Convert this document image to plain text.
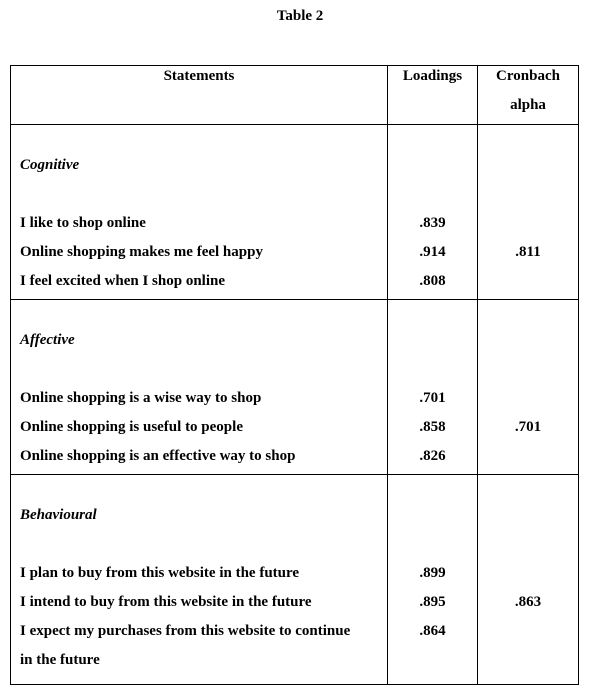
Table 2
Statements	Loadings	Cronbach
alpha
Cognitive
I like to shop online
Online shopping makes me feel happy
I feel excited when I shop online
.839
.914
.808
.811
Affective
Online shopping is a wise way to shop
Online shopping is useful to people
Online shopping is an effective way to shop
.701
.858
.826
.701
Behavioural
I plan to buy from this website in the future
I intend to buy from this website in the future
I expect my purchases from this website to continue
in the future
.899
.895
.864
.863
